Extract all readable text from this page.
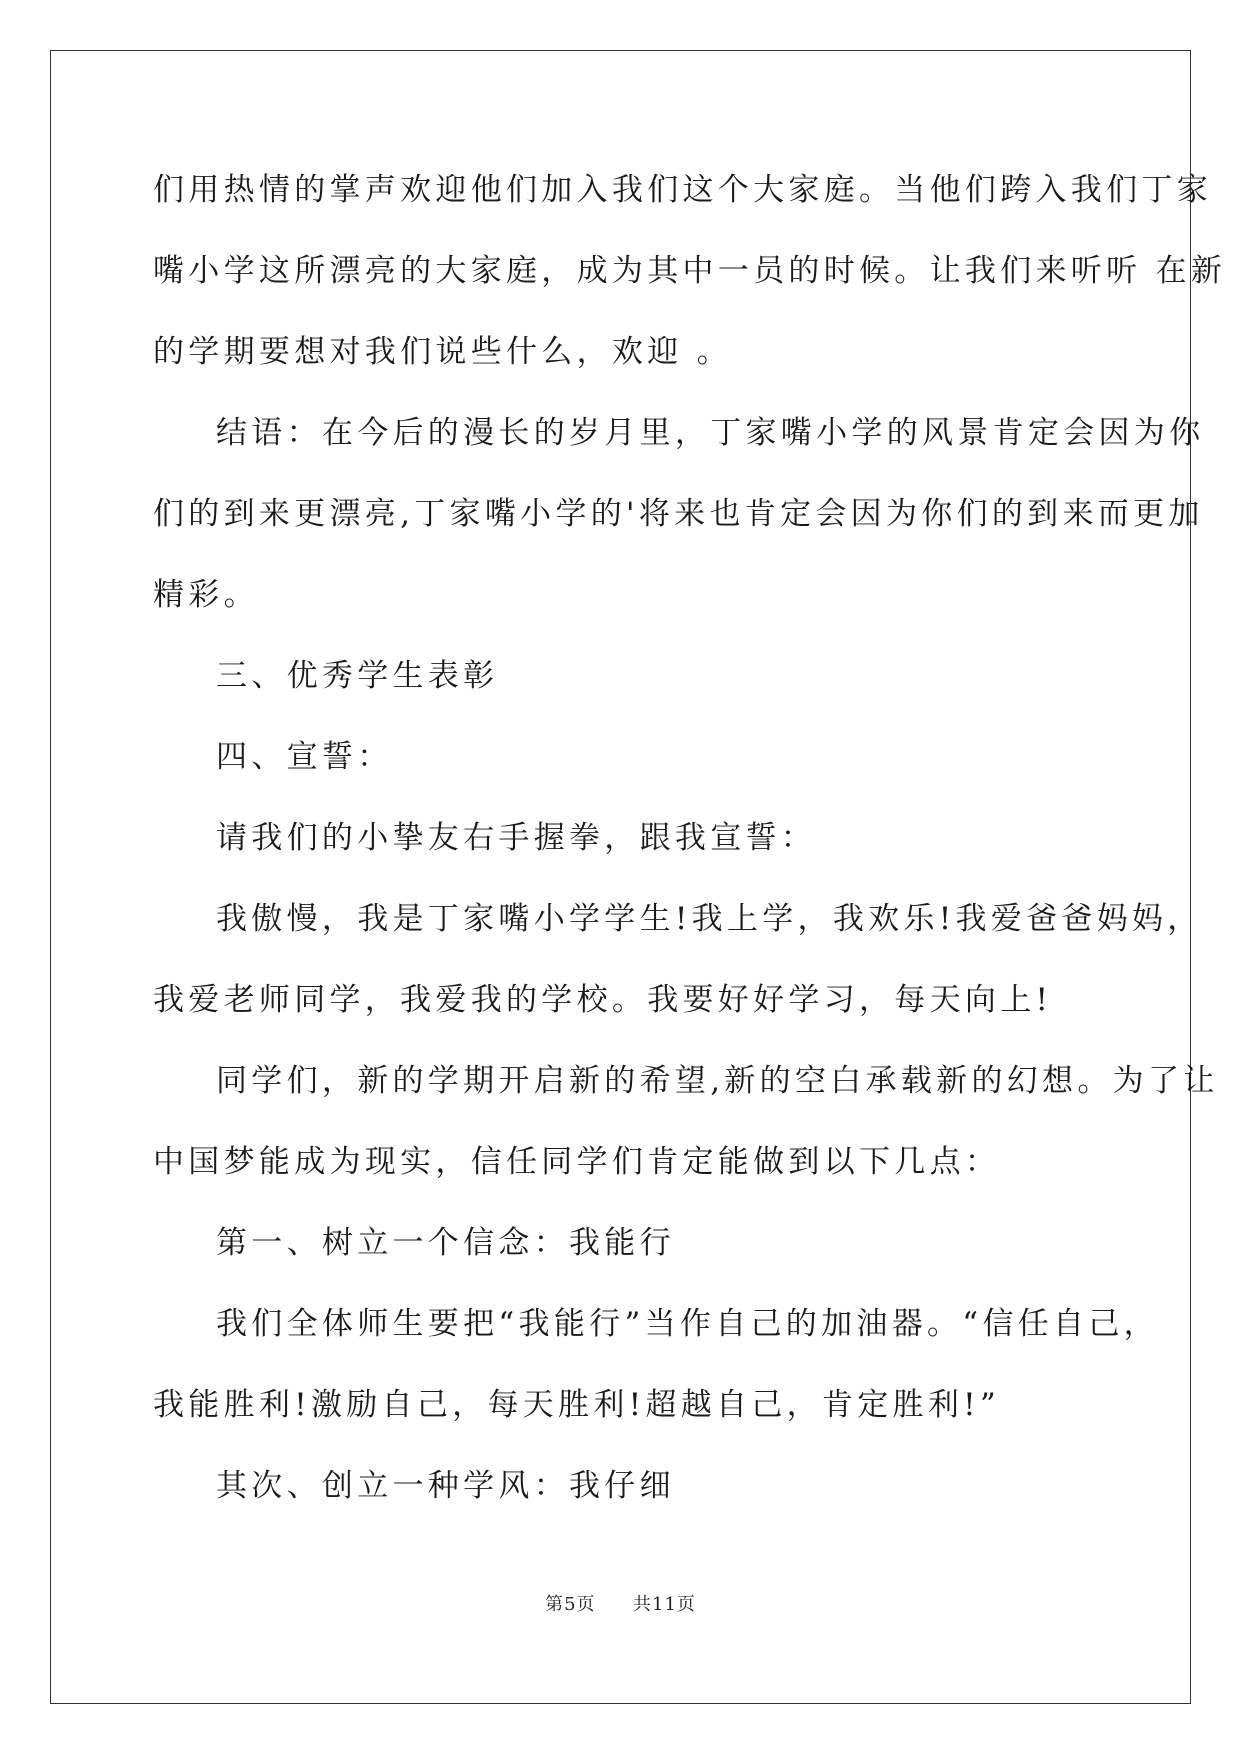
们用热情的掌声欢迎他们加入我们这个大家庭。当他们跨入我们丁家

嘴小学这所漂亮的大家庭，成为其中一员的时候。让我们来听听 在新

的学期要想对我们说些什么，欢迎 。

结语：在今后的漫长的岁月里，丁家嘴小学的风景肯定会因为你

们的到来更漂亮,丁家嘴小学的'将来也肯定会因为你们的到来而更加

精彩。

三、优秀学生表彰

四、宣誓：

请我们的小挚友右手握拳，跟我宣誓：

我傲慢，我是丁家嘴小学学生!我上学，我欢乐!我爱爸爸妈妈，

我爱老师同学，我爱我的学校。我要好好学习，每天向上!

同学们，新的学期开启新的希望,新的空白承载新的幻想。为了让

中国梦能成为现实，信任同学们肯定能做到以下几点：

第一、树立一个信念：我能行

我们全体师生要把“我能行”当作自己的加油器。“信任自己，

我能胜利!激励自己，每天胜利!超越自己，肯定胜利!”

其次、创立一种学风：我仔细

第5页 共11页
